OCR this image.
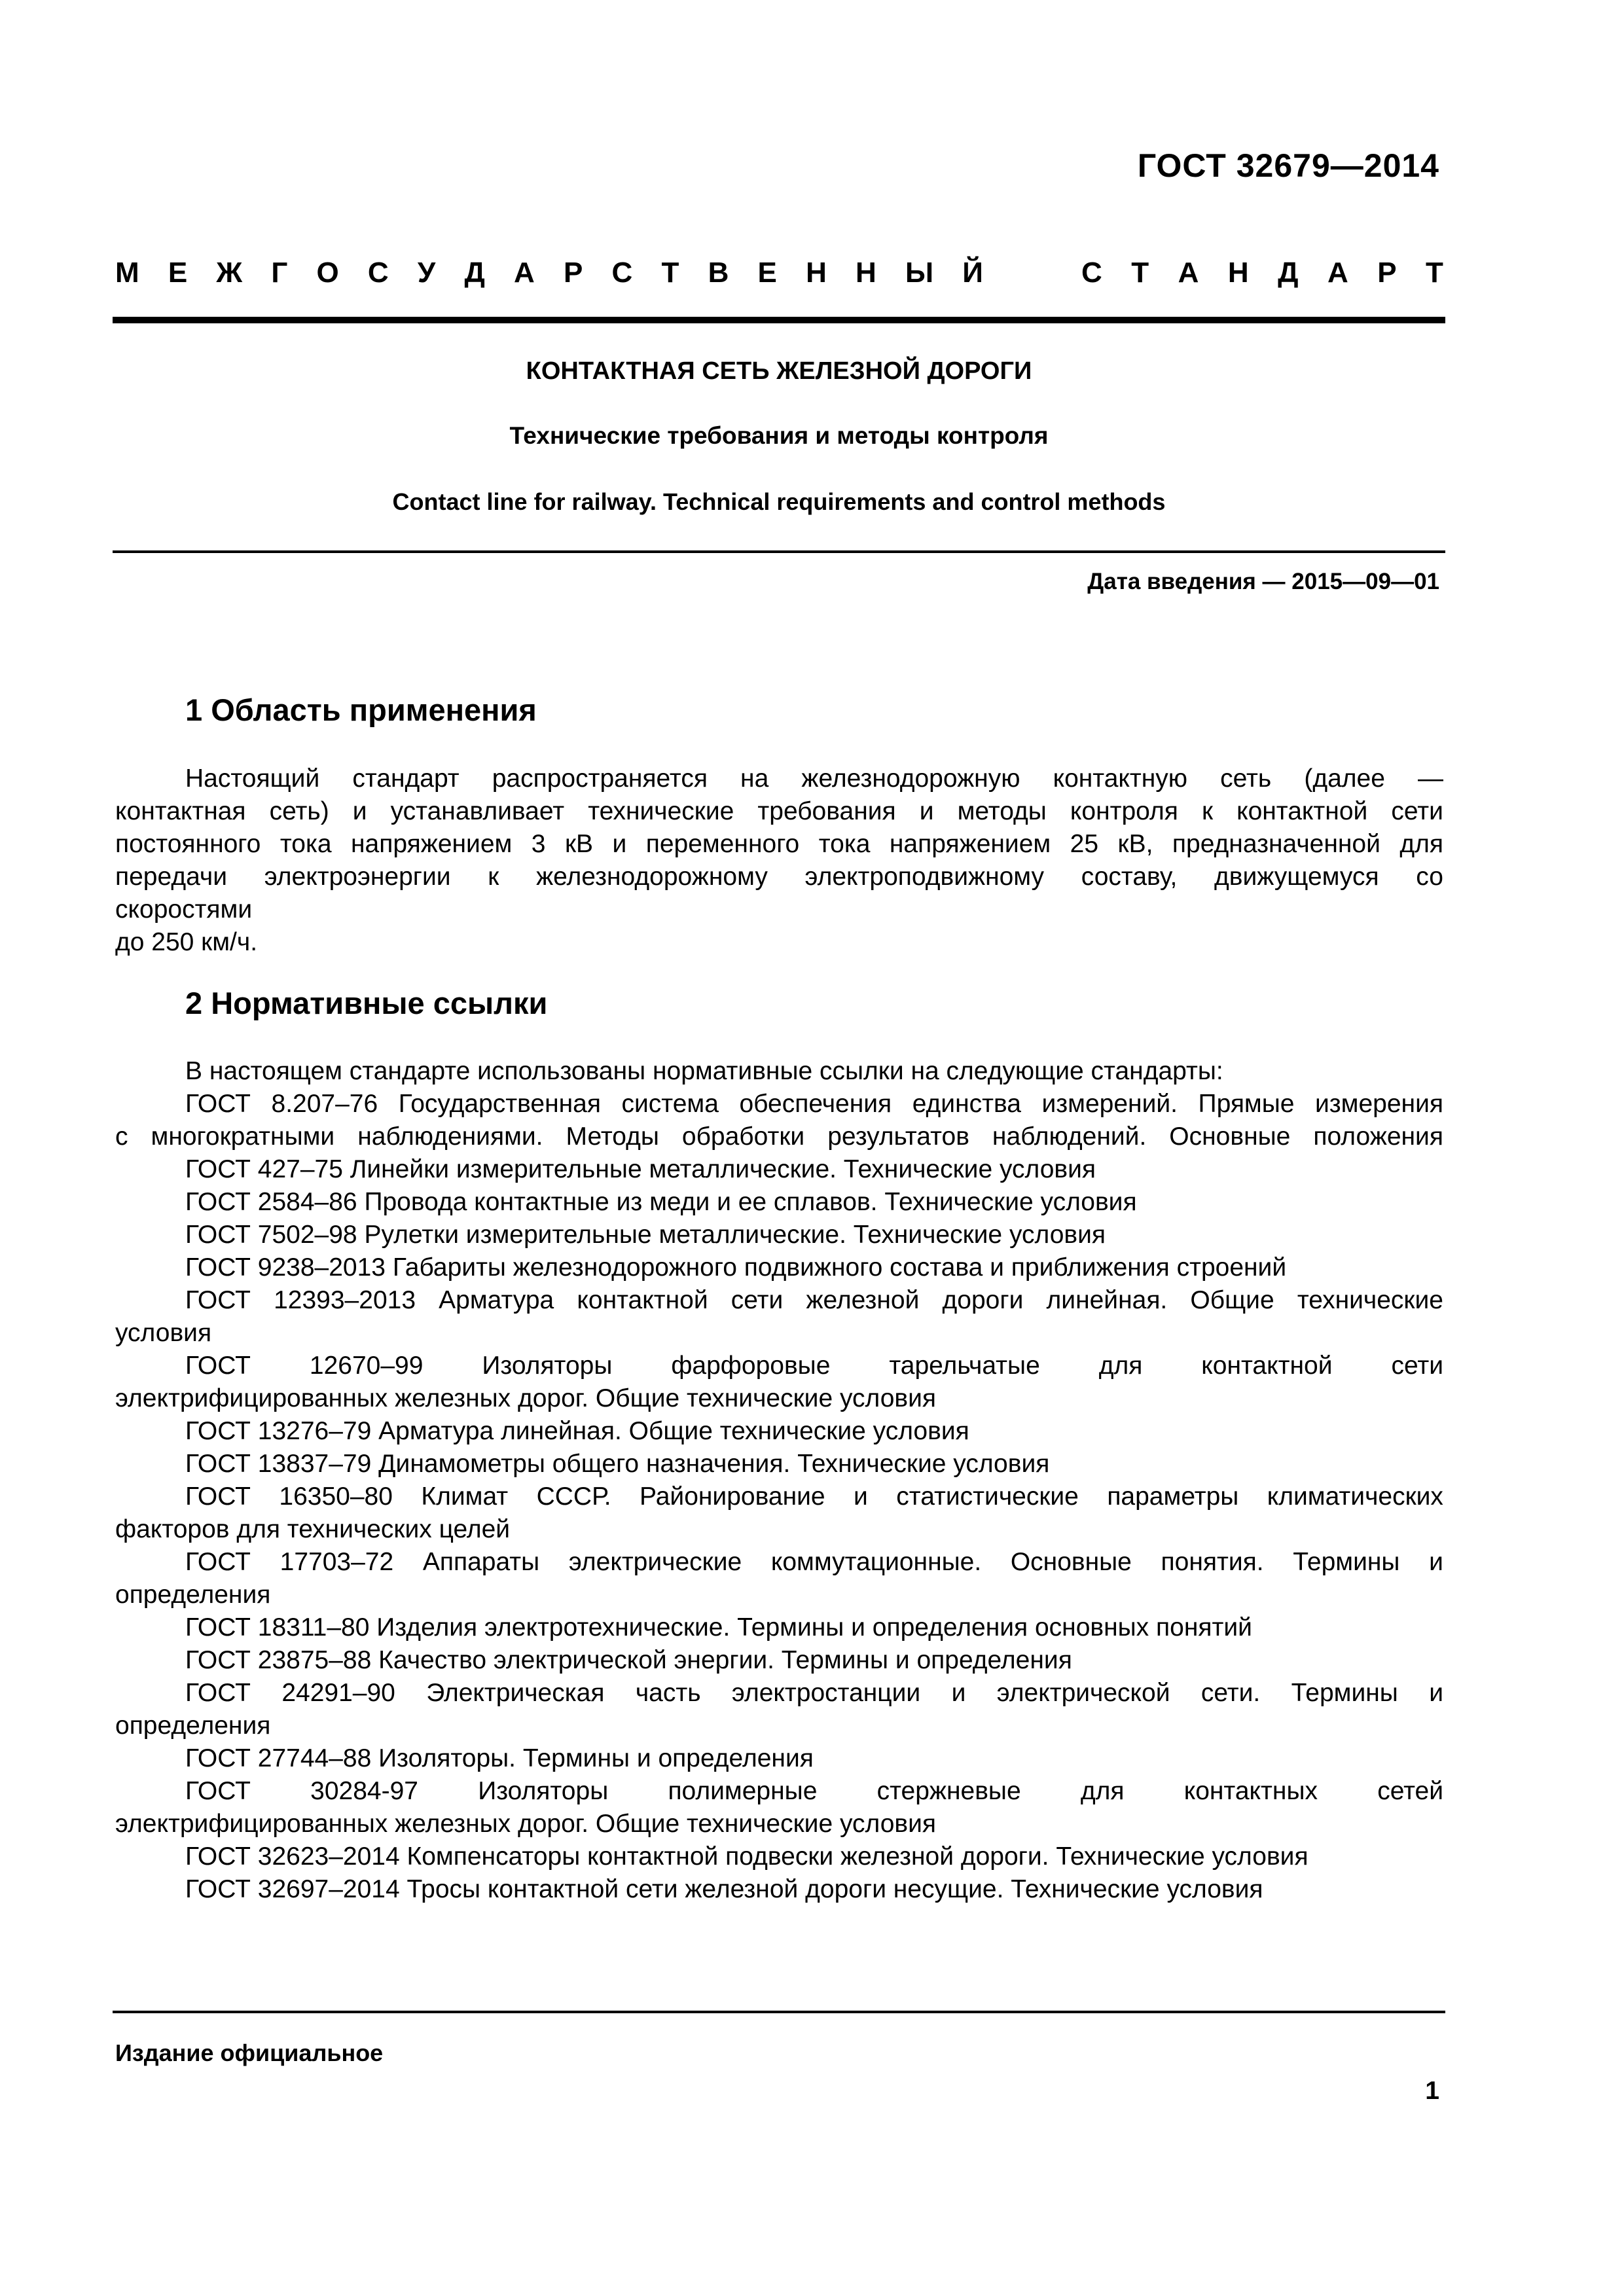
ГОСТ 32679—2014
М Е Ж Г О С У Д А Р С Т В Е Н Н Ы Й	С Т А Н Д А Р Т
КОНТАКТНАЯ СЕТЬ ЖЕЛЕЗНОЙ ДОРОГИ
Технические требования и методы контроля
Contact line for railway. Technical requirements and control methods
Дата введения — 2015—09—01
1 Область применения
Настоящий стандарт распространяется на железнодорожную контактную сеть (далее —
контактная сеть) и устанавливает технические требования и методы контроля к контактной сети
постоянного тока напряжением 3 кВ и переменного тока напряжением 25 кВ, предназначенной для
передачи электроэнергии к железнодорожному электроподвижному составу, движущемуся со
скоростями
до 250 км/ч.
2 Нормативные ссылки
В настоящем стандарте использованы нормативные ссылки на следующие стандарты:
ГОСТ 8.207–76 Государственная система обеспечения единства измерений. Прямые измерения
с многократными наблюдениями. Методы обработки результатов наблюдений. Основные положения
ГОСТ 427–75 Линейки измерительные металлические. Технические условия
ГОСТ 2584–86 Провода контактные из меди и ее сплавов. Технические условия
ГОСТ 7502–98 Рулетки измерительные металлические. Технические условия
ГОСТ 9238–2013 Габариты железнодорожного подвижного состава и приближения строений
ГОСТ 12393–2013 Арматура контактной сети железной дороги линейная. Общие технические
условия
ГОСТ 12670–99 Изоляторы фарфоровые тарельчатые для контактной сети
электрифицированных железных дорог. Общие технические условия
ГОСТ 13276–79 Арматура линейная. Общие технические условия
ГОСТ 13837–79 Динамометры общего назначения. Технические условия
ГОСТ 16350–80 Климат СССР. Районирование и статистические параметры климатических
факторов для технических целей
ГОСТ 17703–72 Аппараты электрические коммутационные. Основные понятия. Термины и
определения
ГОСТ 18311–80 Изделия электротехнические. Термины и определения основных понятий
ГОСТ 23875–88 Качество электрической энергии. Термины и определения
ГОСТ 24291–90 Электрическая часть электростанции и электрической сети. Термины и
определения
ГОСТ 27744–88 Изоляторы. Термины и определения
ГОСТ 30284-97 Изоляторы полимерные стержневые для контактных сетей
электрифицированных железных дорог. Общие технические условия
ГОСТ 32623–2014 Компенсаторы контактной подвески железной дороги. Технические условия
ГОСТ 32697–2014 Тросы контактной сети железной дороги несущие. Технические условия
Издание официальное
1
